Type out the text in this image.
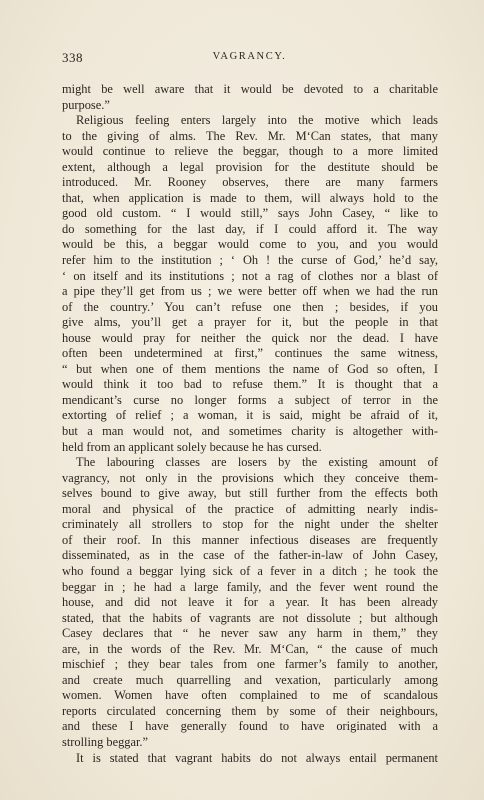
338	VAGRANCY.
might be well aware that it would be devoted to a charitable
purpose.”
Religious feeling enters largely into the motive which leads
to the giving of alms. The Rev. Mr. M‘Can states, that many
would continue to relieve the beggar, though to a more limited
extent, although a legal provision for the destitute should be
introduced. Mr. Rooney observes, there are many farmers
that, when application is made to them, will always hold to the
good old custom. “ I would still,” says John Casey, “ like to
do something for the last day, if I could afford it. The way
would be this, a beggar would come to you, and you would
refer him to the institution ; ‘ Oh ! the curse of God,’ he’d say,
‘ on itself and its institutions ; not a rag of clothes nor a blast of
a pipe they’ll get from us ; we were better off when we had the run
of the country.’ You can’t refuse one then ; besides, if you
give alms, you’ll get a prayer for it, but the people in that
house would pray for neither the quick nor the dead. I have
often been undetermined at first,” continues the same witness,
“ but when one of them mentions the name of God so often, I
would think it too bad to refuse them.” It is thought that a
mendicant’s curse no longer forms a subject of terror in the
extorting of relief ; a woman, it is said, might be afraid of it,
but a man would not, and sometimes charity is altogether with-
held from an applicant solely because he has cursed.
The labouring classes are losers by the existing amount of
vagrancy, not only in the provisions which they conceive them-
selves bound to give away, but still further from the effects both
moral and physical of the practice of admitting nearly indis-
criminately all strollers to stop for the night under the shelter
of their roof. In this manner infectious diseases are frequently
disseminated, as in the case of the father-in-law of John Casey,
who found a beggar lying sick of a fever in a ditch ; he took the
beggar in ; he had a large family, and the fever went round the
house, and did not leave it for a year. It has been already
stated, that the habits of vagrants are not dissolute ; but although
Casey declares that “ he never saw any harm in them,” they
are, in the words of the Rev. Mr. M‘Can, “ the cause of much
mischief ; they bear tales from one farmer’s family to another,
and create much quarrelling and vexation, particularly among
women. Women have often complained to me of scandalous
reports circulated concerning them by some of their neighbours,
and these I have generally found to have originated with a
strolling beggar.”
It is stated that vagrant habits do not always entail permanent
